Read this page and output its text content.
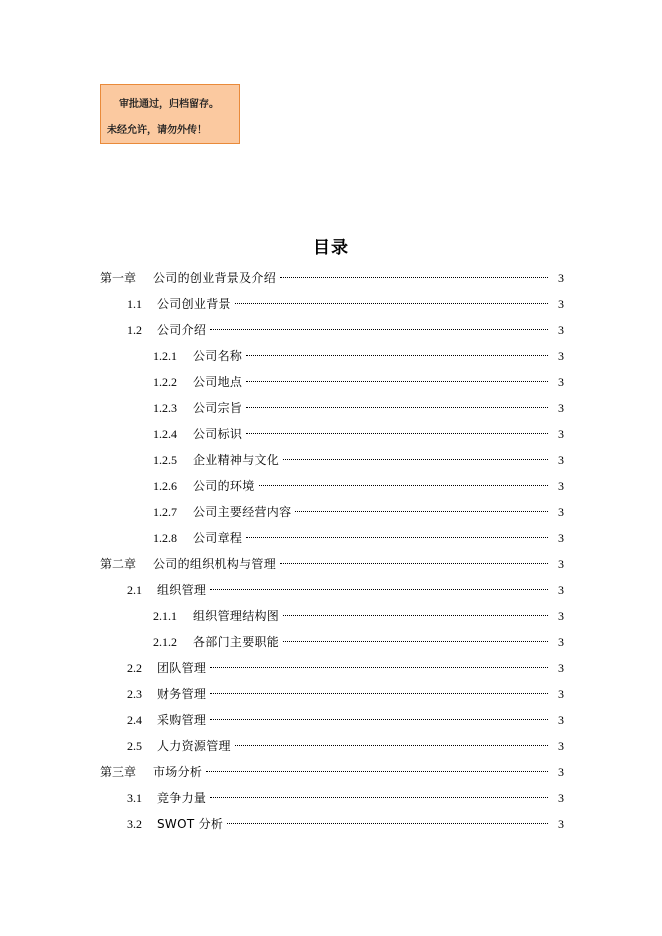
审批通过，归档留存。
未经允许，请勿外传！
目录
第一章 公司的创业背景及介绍	3
1.1 公司创业背景	3
1.2 公司介绍	3
1.2.1 公司名称	3
1.2.2 公司地点	3
1.2.3 公司宗旨	3
1.2.4 公司标识	3
1.2.5 企业精神与文化	3
1.2.6 公司的环境	3
1.2.7 公司主要经营内容	3
1.2.8 公司章程	3
第二章 公司的组织机构与管理	3
2.1 组织管理	3
2.1.1 组织管理结构图	3
2.1.2 各部门主要职能	3
2.2 团队管理	3
2.3 财务管理	3
2.4 采购管理	3
2.5 人力资源管理	3
第三章 市场分析	3
3.1 竞争力量	3
3.2 SWOT 分析	3
